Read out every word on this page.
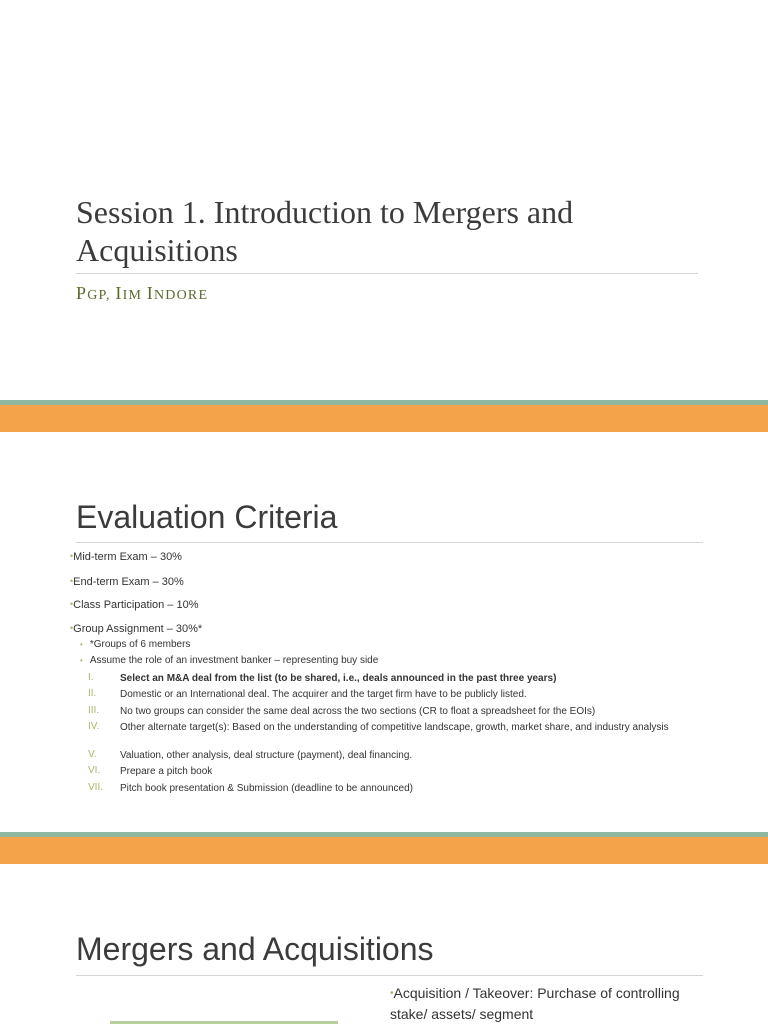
Session 1. Introduction to Mergers and Acquisitions
PGP, IIM INDORE
Evaluation Criteria
•Mid-term Exam – 30%
•End-term Exam – 30%
•Class Participation – 10%
•Group Assignment – 30%*
• *Groups of 6 members
• Assume the role of an investment banker – representing buy side
I.	Select an M&A deal from the list (to be shared, i.e., deals announced in the past three years)
II. Domestic or an International deal. The acquirer and the target firm have to be publicly listed.
III. No two groups can consider the same deal across the two sections (CR to float a spreadsheet for the EOIs)
IV. Other alternate target(s): Based on the understanding of competitive landscape, growth, market share, and industry analysis
V. Valuation, other analysis, deal structure (payment), deal financing.
VI. Prepare a pitch book
VII. Pitch book presentation & Submission (deadline to be announced)
Mergers and Acquisitions
•Acquisition / Takeover: Purchase of controlling stake/ assets/ segment
